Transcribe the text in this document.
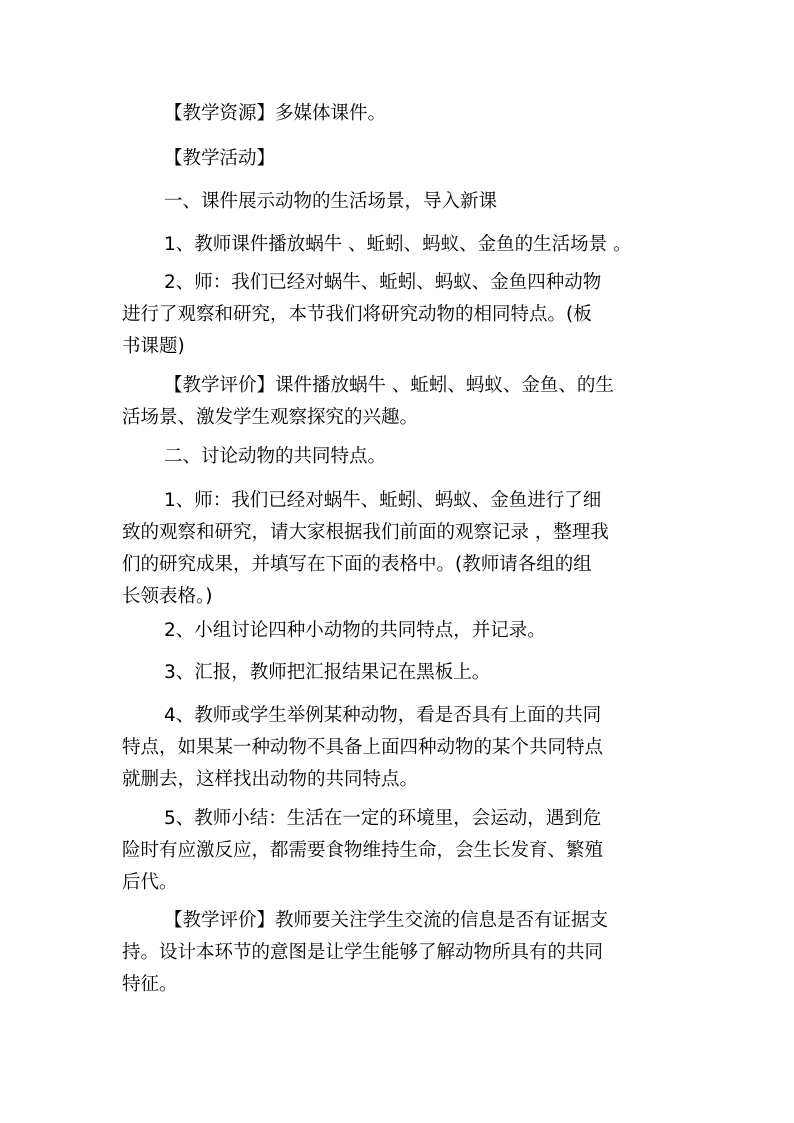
【教学资源】多媒体课件。

【教学活动】

一、课件展示动物的生活场景，导入新课

1、教师课件播放蜗牛 、蚯蚓、蚂蚁、金鱼的生活场景 。

2、师：我们已经对蜗牛、蚯蚓、蚂蚁、金鱼四种动物
进行了观察和研究，本节我们将研究动物的相同特点。(板
书课题)

【教学评价】课件播放蜗牛 、蚯蚓、蚂蚁、金鱼、的生
活场景、激发学生观察探究的兴趣。

二、讨论动物的共同特点。

1、师：我们已经对蜗牛、蚯蚓、蚂蚁、金鱼进行了细
致的观察和研究，请大家根据我们前面的观察记录 ，整理我
们的研究成果，并填写在下面的表格中。(教师请各组的组
长领表格。)

2、小组讨论四种小动物的共同特点，并记录。

3、汇报，教师把汇报结果记在黑板上。

4、教师或学生举例某种动物，看是否具有上面的共同
特点，如果某一种动物不具备上面四种动物的某个共同特点
就删去，这样找出动物的共同特点。

5、教师小结：生活在一定的环境里，会运动，遇到危
险时有应激反应，都需要食物维持生命，会生长发育、繁殖
后代。

【教学评价】教师要关注学生交流的信息是否有证据支
持。设计本环节的意图是让学生能够了解动物所具有的共同
特征。
